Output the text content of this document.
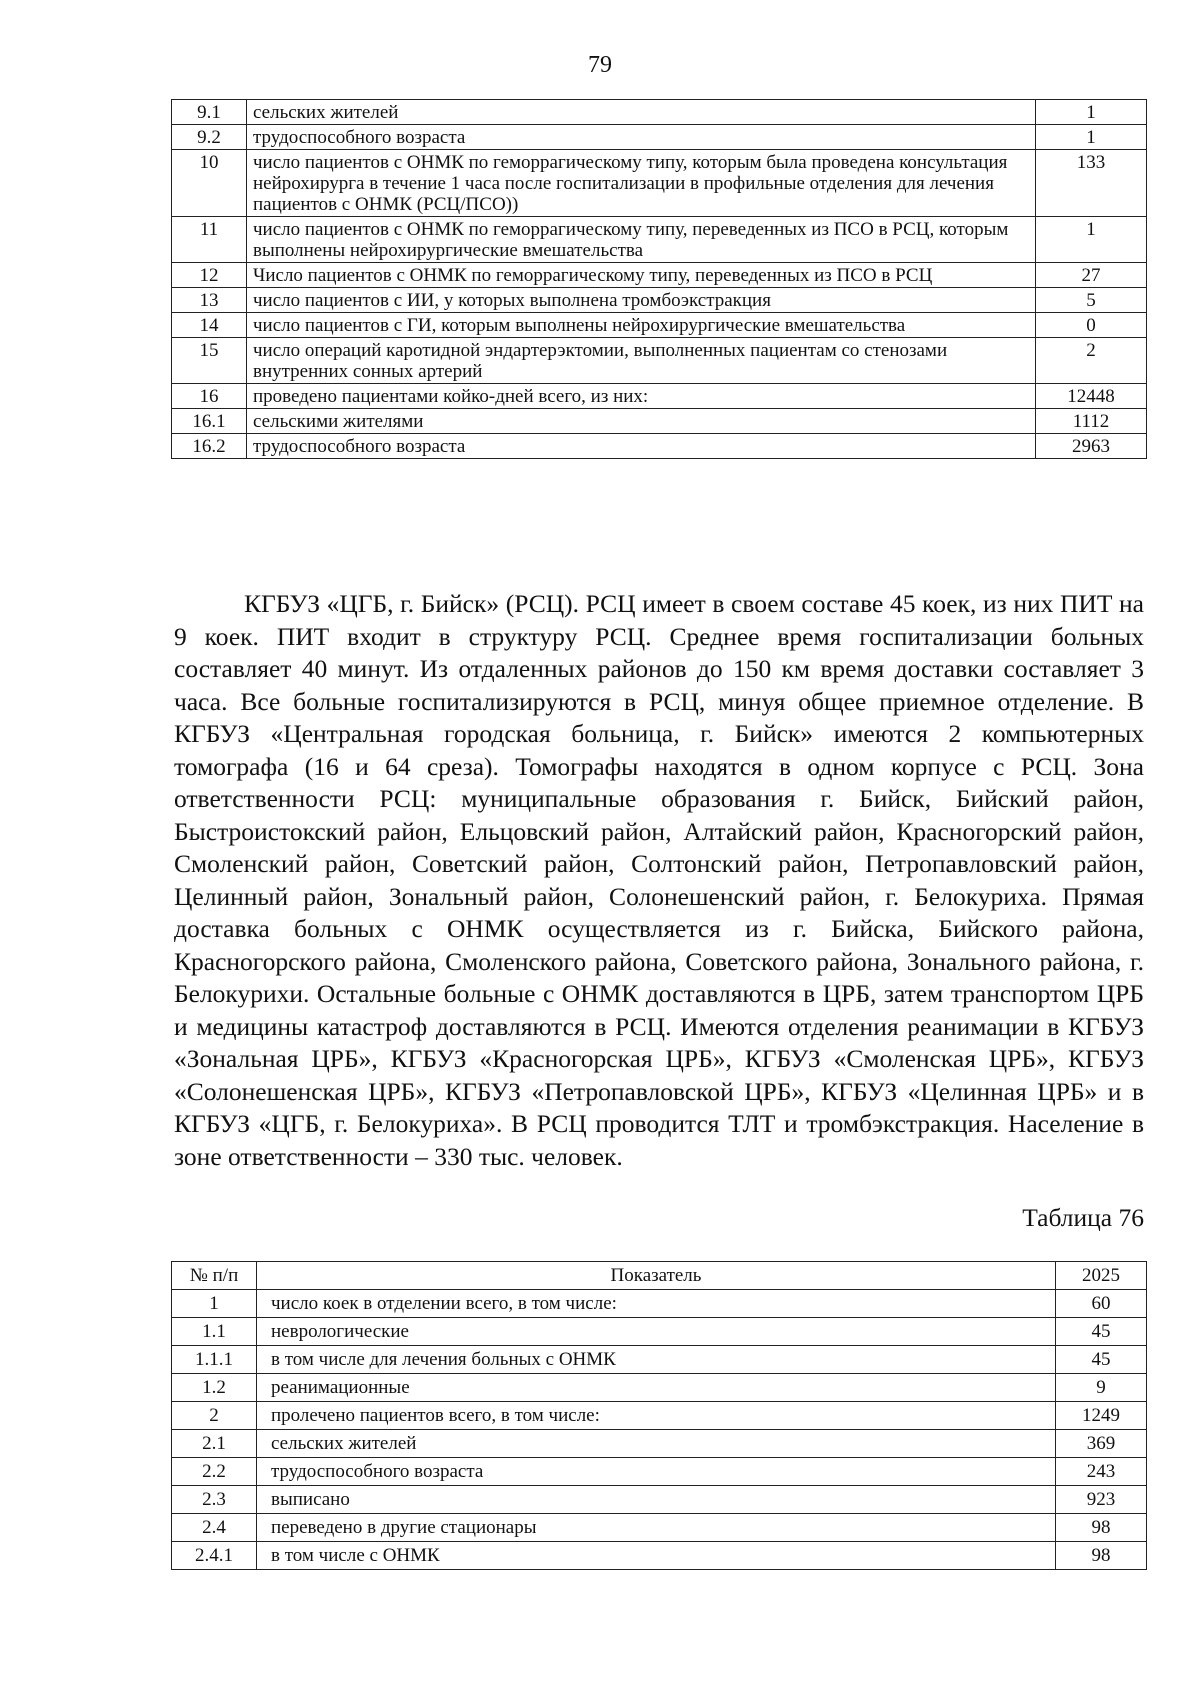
79
9.1	сельских жителей	1
9.2	трудоспособного возраста	1
10	число пациентов с ОНМК по геморрагическому типу, которым была проведена консультация нейрохирурга в течение 1 часа после госпитализации в профильные отделения для лечения пациентов с ОНМК (РСЦ/ПСО))	133
11	число пациентов с ОНМК по геморрагическому типу, переведенных из ПСО в РСЦ, которым выполнены нейрохирургические вмешательства	1
12	Число пациентов с ОНМК по геморрагическому типу, переведенных из ПСО в РСЦ	27
13	число пациентов с ИИ, у которых выполнена тромбоэкстракция	5
14	число пациентов с ГИ, которым выполнены нейрохирургические вмешательства	0
15	число операций каротидной эндартерэктомии, выполненных пациентам со стенозами внутренних сонных артерий	2
16	проведено пациентами койко-дней всего, из них:	12448
16.1	сельскими жителями	1112
16.2	трудоспособного возраста	2963

КГБУЗ «ЦГБ, г. Бийск» (РСЦ). РСЦ имеет в своем составе 45 коек, из них ПИТ на 9 коек. ПИТ входит в структуру РСЦ. Среднее время госпитализации больных составляет 40 минут. Из отдаленных районов до 150 км время доставки составляет 3 часа. Все больные госпитализируются в РСЦ, минуя общее приемное отделение. В КГБУЗ «Центральная городская больница, г. Бийск» имеются 2 компьютерных томографа (16 и 64 среза). Томографы находятся в одном корпусе с РСЦ. Зона ответственности РСЦ: муниципальные образования г. Бийск, Бийский район, Быстроистокский район, Ельцовский район, Алтайский район, Красногорский район, Смоленский район, Советский район, Солтонский район, Петропавловский район, Целинный район, Зональный район, Солонешенский район, г. Белокуриха. Прямая доставка больных с ОНМК осуществляется из г. Бийска, Бийского района, Красногорского района, Смоленского района, Советского района, Зонального района, г. Белокурихи. Остальные больные с ОНМК доставляются в ЦРБ, затем транспортом ЦРБ и медицины катастроф доставляются в РСЦ. Имеются отделения реанимации в КГБУЗ «Зональная ЦРБ», КГБУЗ «Красногорская ЦРБ», КГБУЗ «Смоленская ЦРБ», КГБУЗ «Солонешенская ЦРБ», КГБУЗ «Петропавловской ЦРБ», КГБУЗ «Целинная ЦРБ» и в КГБУЗ «ЦГБ, г. Белокуриха». В РСЦ проводится ТЛТ и тромбэкстракция. Население в зоне ответственности – 330 тыс. человек.

Таблица 76
№ п/п	Показатель	2025
1	число коек в отделении всего, в том числе:	60
1.1	неврологические	45
1.1.1	в том числе для лечения больных с ОНМК	45
1.2	реанимационные	9
2	пролечено пациентов всего, в том числе:	1249
2.1	сельских жителей	369
2.2	трудоспособного возраста	243
2.3	выписано	923
2.4	переведено в другие стационары	98
2.4.1	в том числе с ОНМК	98
